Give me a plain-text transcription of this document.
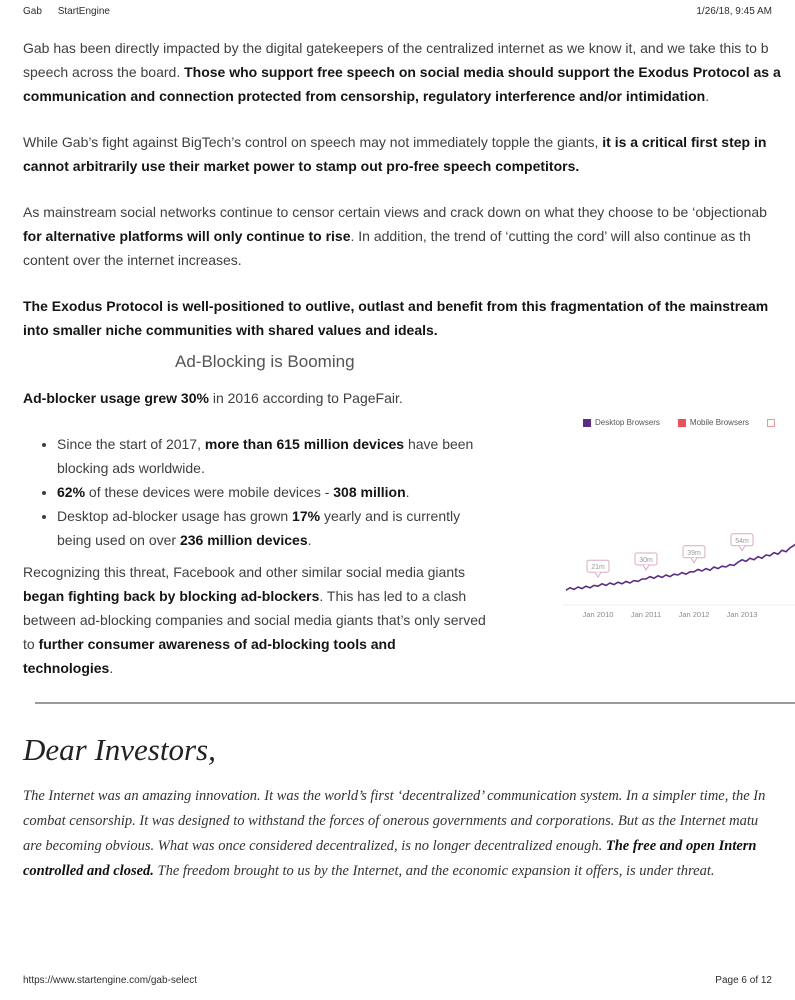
Gab StartEngine	1/26/18, 9:45 AM

Gab has been directly impacted by the digital gatekeepers of the centralized internet as we know it, and we take this to b
speech across the board. Those who support free speech on social media should support the Exodus Protocol as a
communication and connection protected from censorship, regulatory interference and/or intimidation.

While Gab’s fight against BigTech’s control on speech may not immediately topple the giants, it is a critical first step in
cannot arbitrarily use their market power to stamp out pro-free speech competitors.

As mainstream social networks continue to censor certain views and crack down on what they choose to be ‘objectionab
for alternative platforms will only continue to rise. In addition, the trend of ‘cutting the cord’ will also continue as th
content over the internet increases.

The Exodus Protocol is well-positioned to outlive, outlast and benefit from this fragmentation of the mainstream
into smaller niche communities with shared values and ideals.

Ad-Blocking is Booming

Ad-blocker usage grew 30% in 2016 according to PageFair.

• Since the start of 2017, more than 615 million devices have been
blocking ads worldwide.
• 62% of these devices were mobile devices - 308 million.
• Desktop ad-blocker usage has grown 17% yearly and is currently
being used on over 236 million devices.

Recognizing this threat, Facebook and other similar social media giants
began fighting back by blocking ad-blockers. This has led to a clash
between ad-blocking companies and social media giants that’s only served
to further consumer awareness of ad-blocking tools and
technologies.

Dear Investors,

The Internet was an amazing innovation. It was the world’s first ‘decentralized’ communication system. In a simpler time, the In
combat censorship. It was designed to withstand the forces of onerous governments and corporations. But as the Internet matu
are becoming obvious. What was once considered decentralized, is no longer decentralized enough. The free and open Intern
controlled and closed. The freedom brought to us by the Internet, and the economic expansion it offers, is under threat.

Desktop Browsers	Mobile Browsers
Jan 2010 Jan 2011 Jan 2012 Jan 2013
21m
30m
39m
54m
https://www.startengine.com/gab-select	Page 6 of 12
